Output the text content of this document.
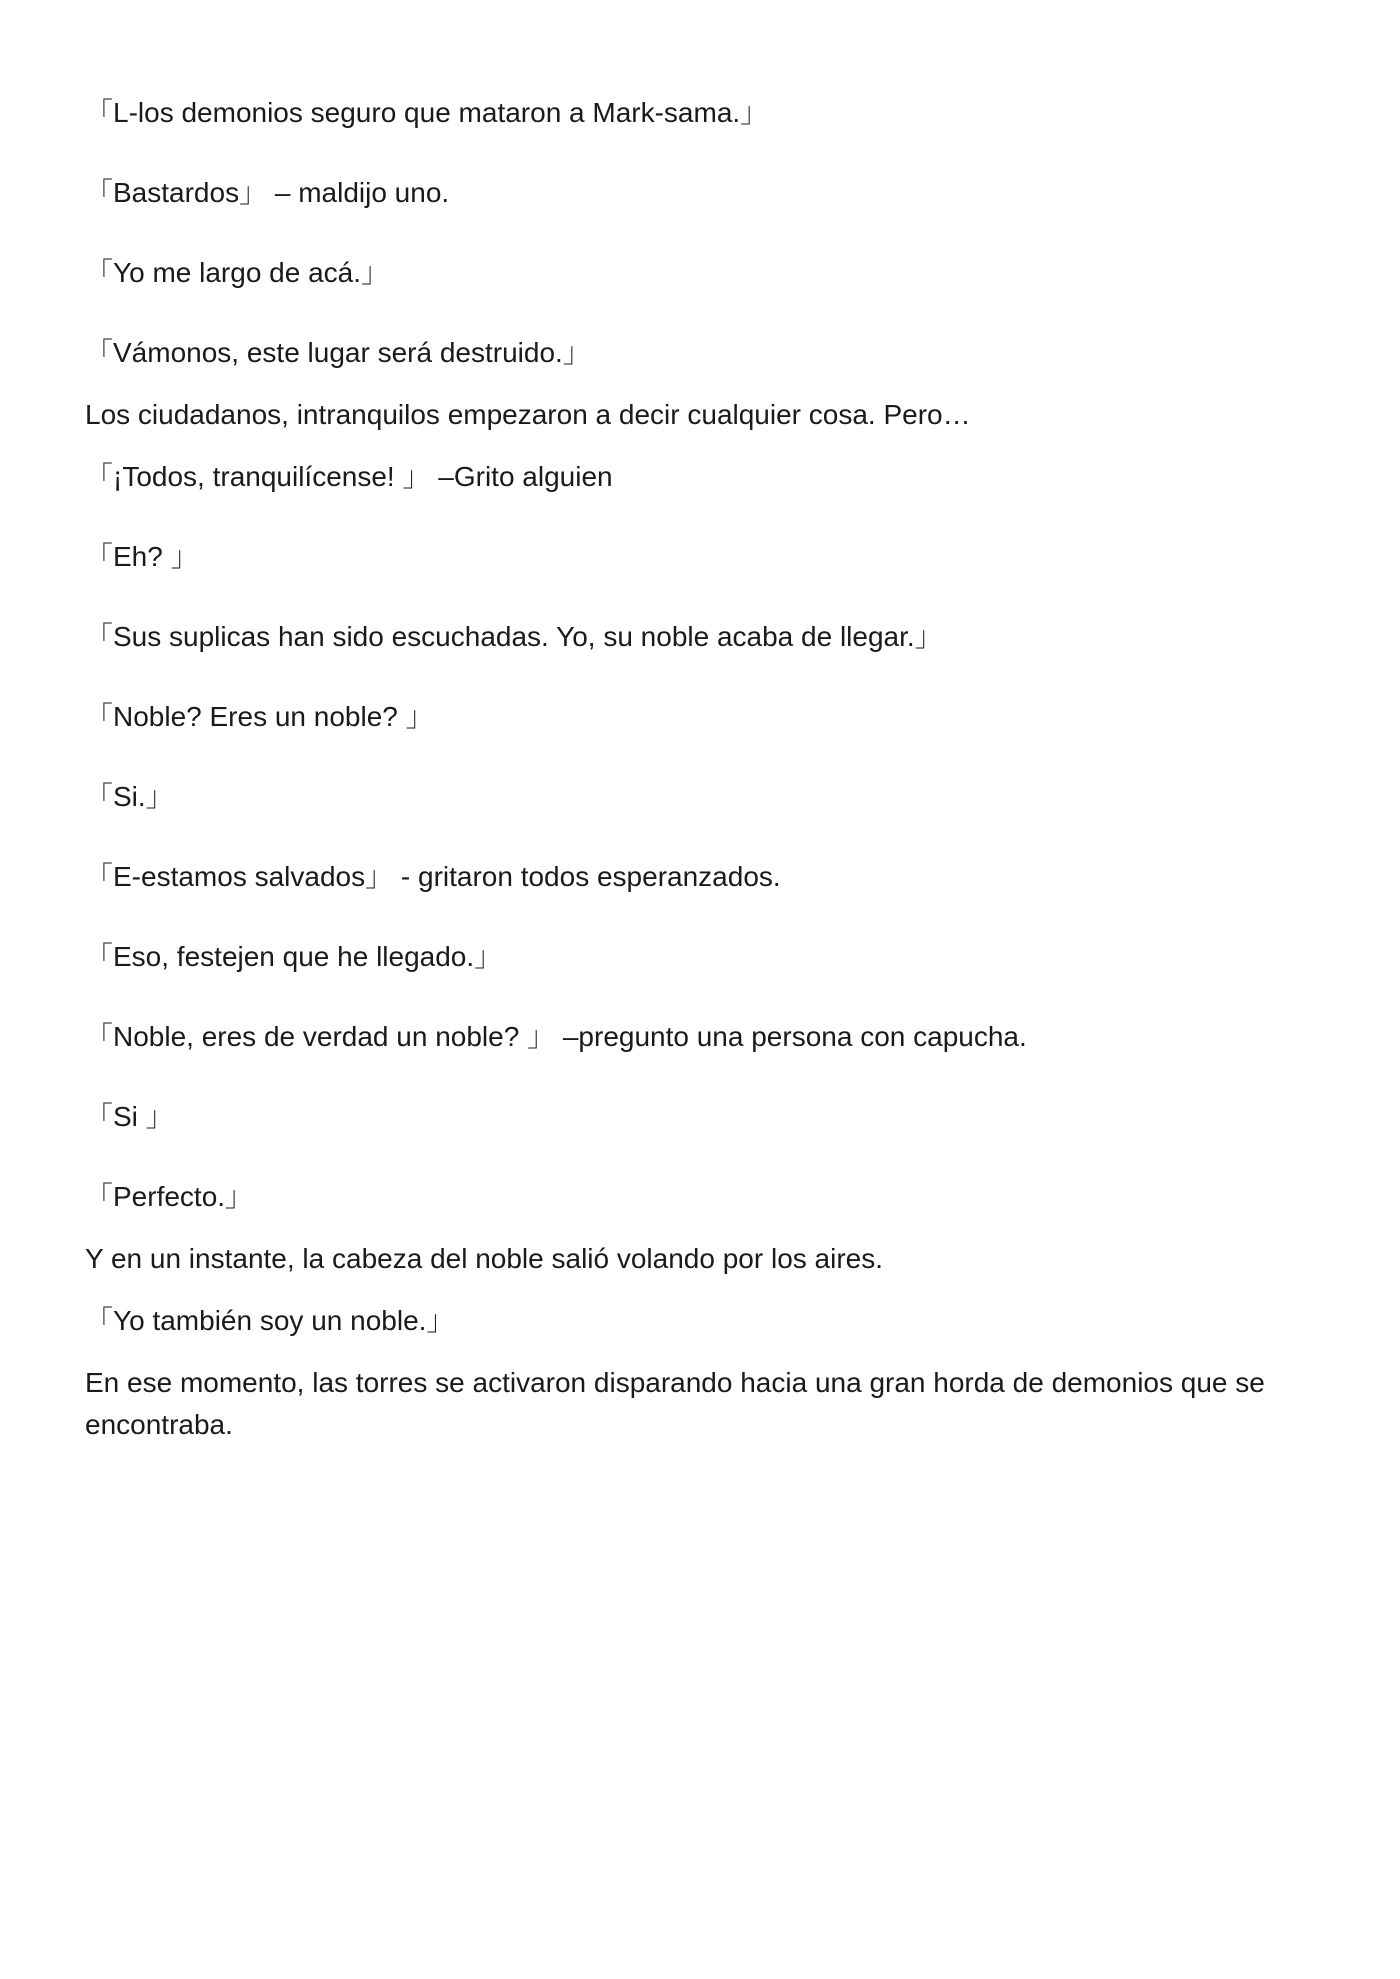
「L-los demonios seguro que mataron a Mark-sama.」

「Bastardos」 – maldijo uno.

「Yo me largo de acá.」

「Vámonos, este lugar será destruido.」

Los ciudadanos, intranquilos empezaron a decir cualquier cosa. Pero…

「¡Todos, tranquilícense! 」 –Grito alguien

「Eh? 」

「Sus suplicas han sido escuchadas. Yo, su noble acaba de llegar.」

「Noble? Eres un noble? 」

「Si.」

「E-estamos salvados」 - gritaron todos esperanzados.

「Eso, festejen que he llegado.」

「Noble, eres de verdad un noble? 」 –pregunto una persona con capucha.

「Si 」

「Perfecto.」

Y en un instante, la cabeza del noble salió volando por los aires.

「Yo también soy un noble.」

En ese momento, las torres se activaron disparando hacia una gran horda de demonios que se encontraba.
